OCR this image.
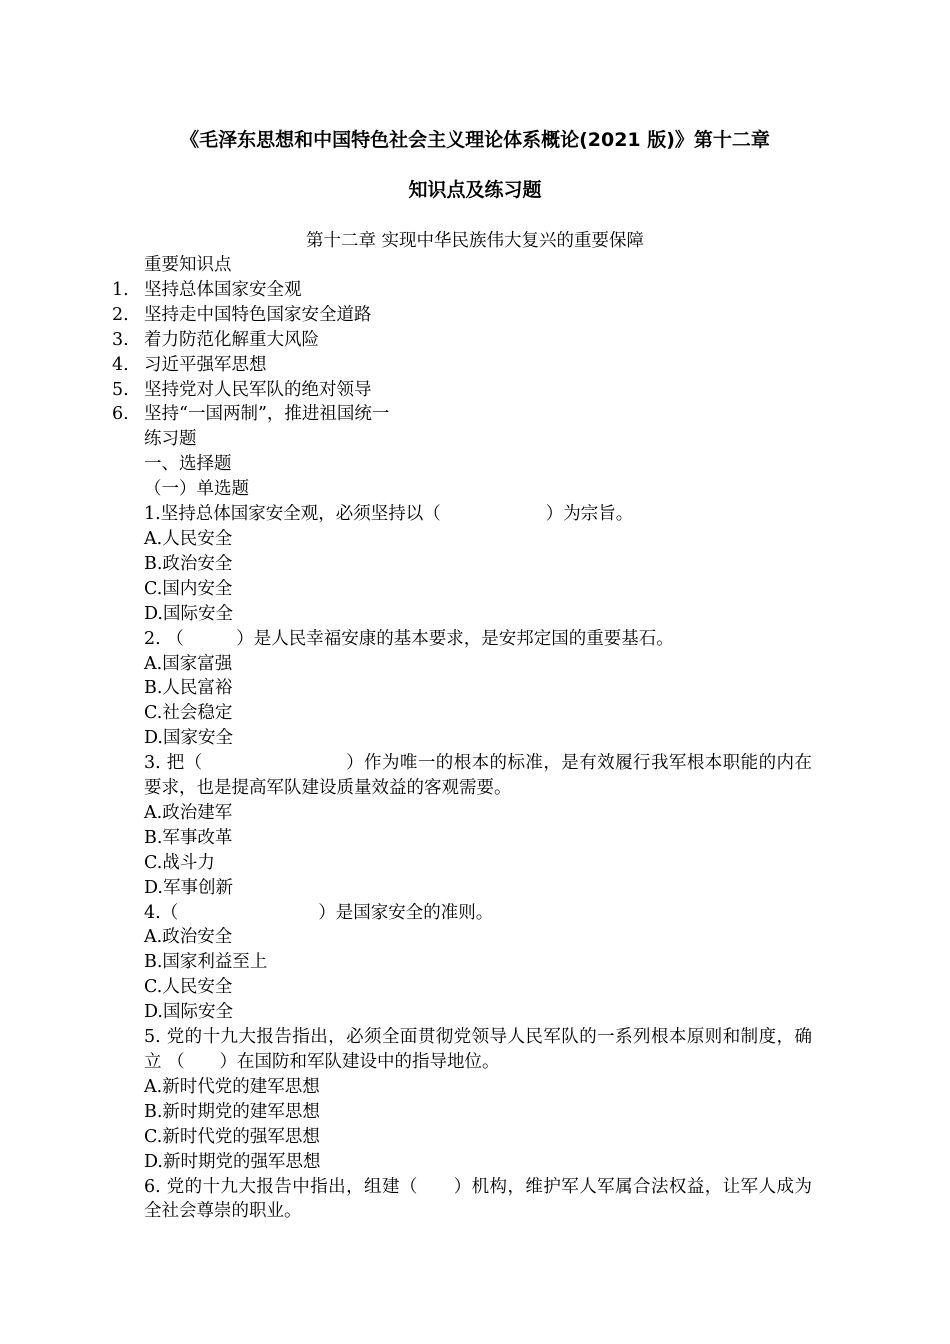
《毛泽东思想和中国特色社会主义理论体系概论(2021 版)》第十二章
知识点及练习题
第十二章 实现中华民族伟大复兴的重要保障

重要知识点

1. 坚持总体国家安全观
2. 坚持走中国特色国家安全道路
3. 着力防范化解重大风险
4. 习近平强军思想
5. 坚持党对人民军队的绝对领导
6. 坚持“一国两制”，推进祖国统一

练习题

一、选择题

（一）单选题

1.坚持总体国家安全观，必须坚持以（　　　　　　）为宗旨。

A.人民安全

B.政治安全

C.国内安全

D.国际安全

2. （　　　）是人民幸福安康的基本要求，是安邦定国的重要基石。

A.国家富强

B.人民富裕

C.社会稳定

D.国家安全

3. 把（　　　　　　　　）作为唯一的根本的标准，是有效履行我军根本职能的内在要求，也是提高军队建设质量效益的客观需要。

A.政治建军

B.军事改革

C.战斗力

D.军事创新

4.（　　　　　　　　）是国家安全的准则。

A.政治安全

B.国家利益至上

C.人民安全

D.国际安全

5. 党的十九大报告指出，必须全面贯彻党领导人民军队的一系列根本原则和制度，确立 （　　）在国防和军队建设中的指导地位。

A.新时代党的建军思想

B.新时期党的建军思想

C.新时代党的强军思想

D.新时期党的强军思想

6. 党的十九大报告中指出，组建（　　）机构，维护军人军属合法权益，让军人成为全社会尊崇的职业。
